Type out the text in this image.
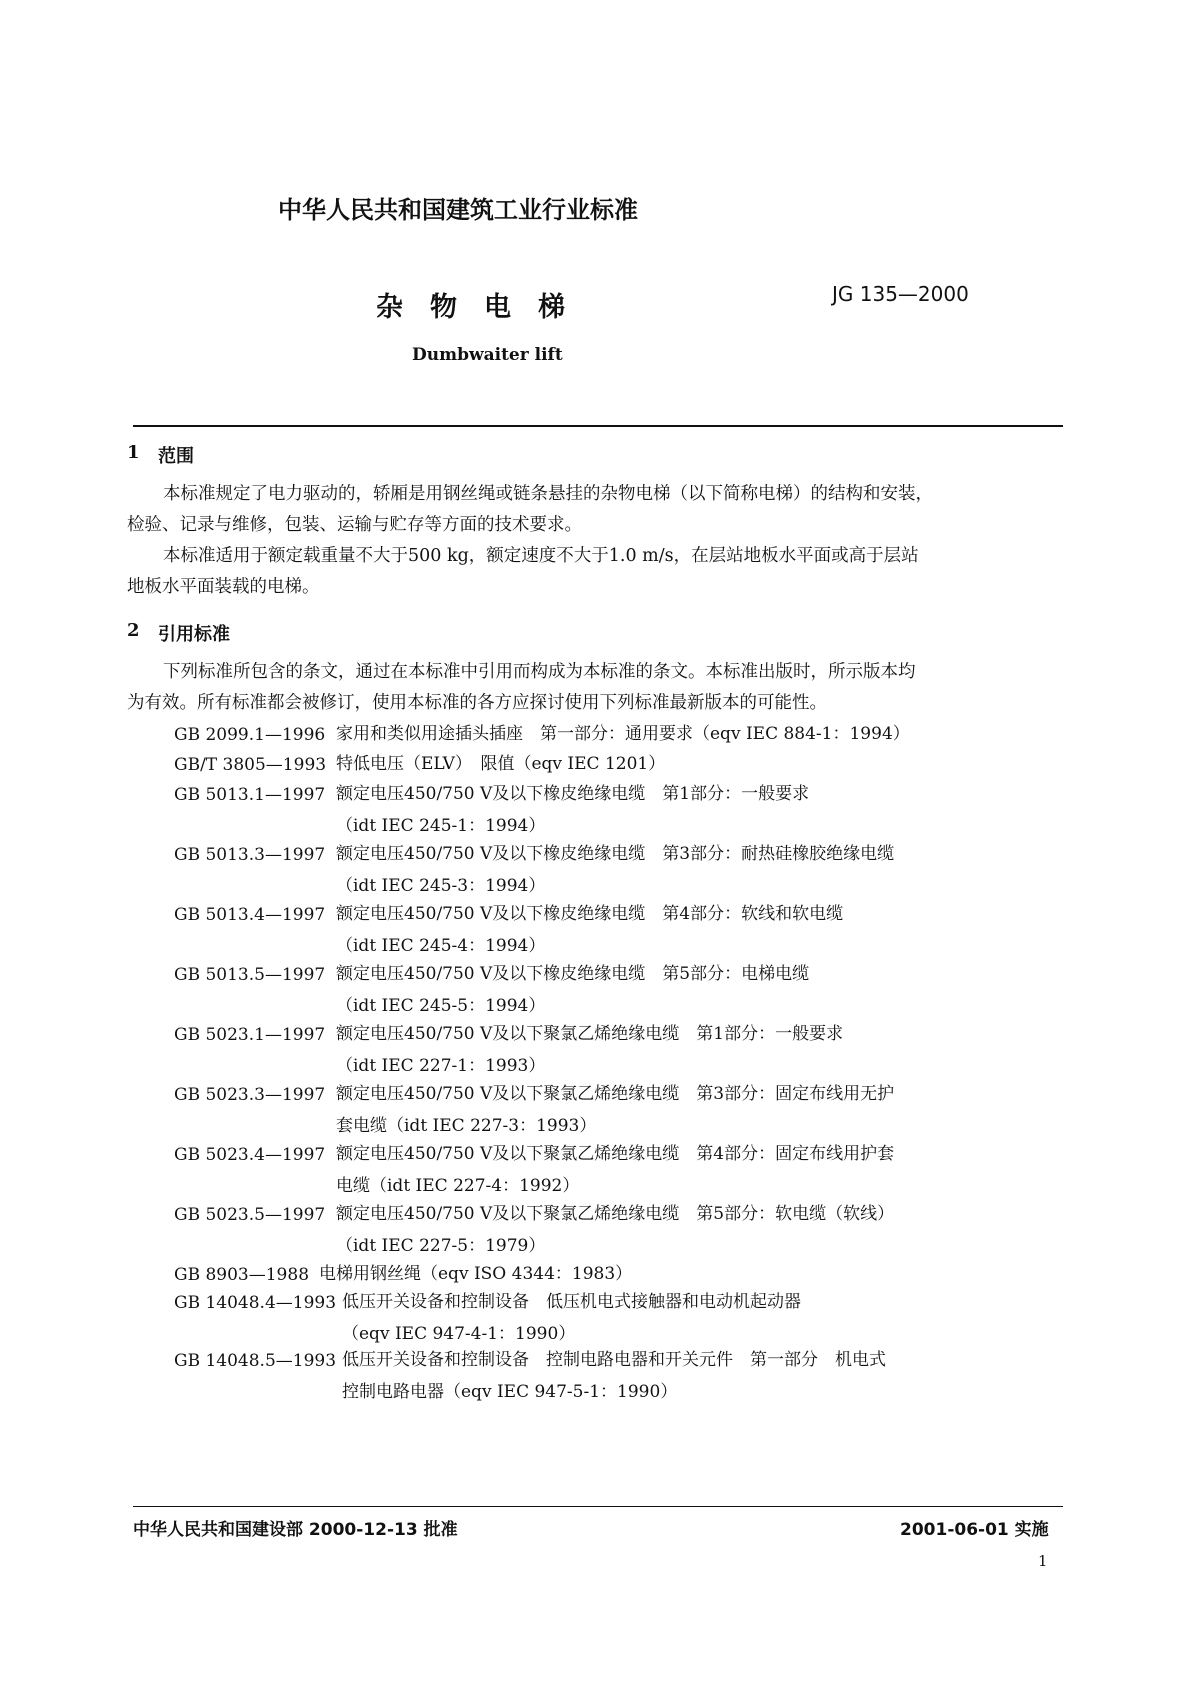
中华人民共和国建筑工业行业标准
杂物电梯	JG 135—2000
Dumbwaiter lift
1 范围
本标准规定了电力驱动的，轿厢是用钢丝绳或链条悬挂的杂物电梯（以下简称电梯）的结构和安装，
检验、记录与维修，包装、运输与贮存等方面的技术要求。
本标准适用于额定载重量不大于500 kg，额定速度不大于1.0 m/s，在层站地板水平面或高于层站
地板水平面装载的电梯。
2 引用标准
下列标准所包含的条文，通过在本标准中引用而构成为本标准的条文。本标准出版时，所示版本均
为有效。所有标准都会被修订，使用本标准的各方应探讨使用下列标准最新版本的可能性。
GB 2099.1—1996 家用和类似用途插头插座　第一部分：通用要求（eqv IEC 884-1：1994）
GB/T 3805—1993 特低电压（ELV）　限值（eqv IEC 1201）
GB 5013.1—1997 额定电压450/750 V及以下橡皮绝缘电缆　第1部分：一般要求
（idt IEC 245-1：1994）
GB 5013.3—1997 额定电压450/750 V及以下橡皮绝缘电缆　第3部分：耐热硅橡胶绝缘电缆
（idt IEC 245-3：1994）
GB 5013.4—1997 额定电压450/750 V及以下橡皮绝缘电缆　第4部分：软线和软电缆
（idt IEC 245-4：1994）
GB 5013.5—1997 额定电压450/750 V及以下橡皮绝缘电缆　第5部分：电梯电缆
（idt IEC 245-5：1994）
GB 5023.1—1997 额定电压450/750 V及以下聚氯乙烯绝缘电缆　第1部分：一般要求
（idt IEC 227-1：1993）
GB 5023.3—1997 额定电压450/750 V及以下聚氯乙烯绝缘电缆　第3部分：固定布线用无护
套电缆（idt IEC 227-3：1993）
GB 5023.4—1997 额定电压450/750 V及以下聚氯乙烯绝缘电缆　第4部分：固定布线用护套
电缆（idt IEC 227-4：1992）
GB 5023.5—1997 额定电压450/750 V及以下聚氯乙烯绝缘电缆　第5部分：软电缆（软线）
（idt IEC 227-5：1979）
GB 8903—1988 电梯用钢丝绳（eqv ISO 4344：1983）
GB 14048.4—1993 低压开关设备和控制设备　低压机电式接触器和电动机起动器
（eqv IEC 947-4-1：1990）
GB 14048.5—1993 低压开关设备和控制设备　控制电路电器和开关元件　第一部分　机电式
控制电路电器（eqv IEC 947-5-1：1990）
中华人民共和国建设部 2000-12-13 批准	2001-06-01 实施
1
